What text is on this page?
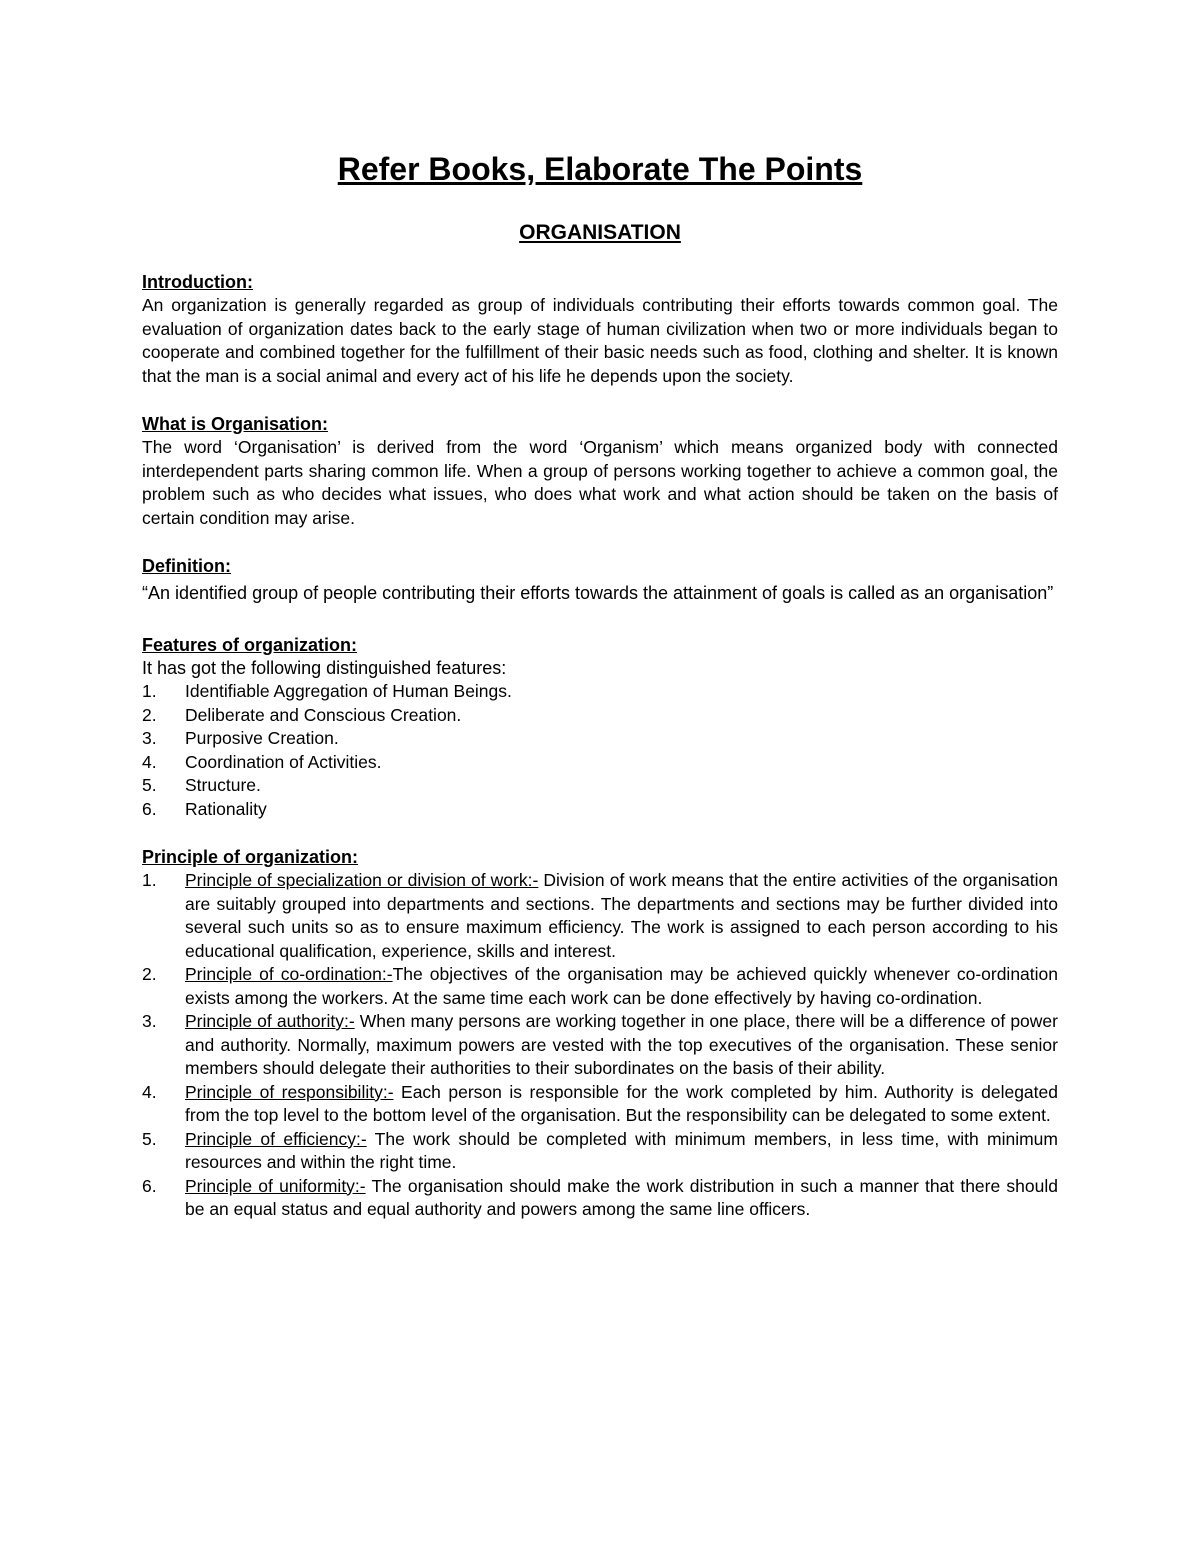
Refer Books, Elaborate The Points
ORGANISATION

Introduction:

An organization is generally regarded as group of individuals contributing their efforts towards common goal. The evaluation of organization dates back to the early stage of human civilization when two or more individuals began to cooperate and combined together for the fulfillment of their basic needs such as food, clothing and shelter. It is known that the man is a social animal and every act of his life he depends upon the society.

What is Organisation:

The word ‘Organisation’ is derived from the word ‘Organism’ which means organized body with connected interdependent parts sharing common life. When a group of persons working together to achieve a common goal, the problem such as who decides what issues, who does what work and what action should be taken on the basis of certain condition may arise.

Definition:

“An identified group of people contributing their efforts towards the attainment of goals is called as an organisation”

Features of organization:

It has got the following distinguished features:

1. Identifiable Aggregation of Human Beings.
2. Deliberate and Conscious Creation.
3. Purposive Creation.
4. Coordination of Activities.
5. Structure.
6. Rationality

Principle of organization:

1. Principle of specialization or division of work:- Division of work means that the entire activities of the organisation are suitably grouped into departments and sections. The departments and sections may be further divided into several such units so as to ensure maximum efficiency. The work is assigned to each person according to his educational qualification, experience, skills and interest.
2. Principle of co-ordination:-The objectives of the organisation may be achieved quickly whenever co-ordination exists among the workers. At the same time each work can be done effectively by having co-ordination.
3. Principle of authority:- When many persons are working together in one place, there will be a difference of power and authority. Normally, maximum powers are vested with the top executives of the organisation. These senior members should delegate their authorities to their subordinates on the basis of their ability.
4. Principle of responsibility:- Each person is responsible for the work completed by him. Authority is delegated from the top level to the bottom level of the organisation. But the responsibility can be delegated to some extent.
5. Principle of efficiency:- The work should be completed with minimum members, in less time, with minimum resources and within the right time.
6. Principle of uniformity:- The organisation should make the work distribution in such a manner that there should be an equal status and equal authority and powers among the same line officers.
